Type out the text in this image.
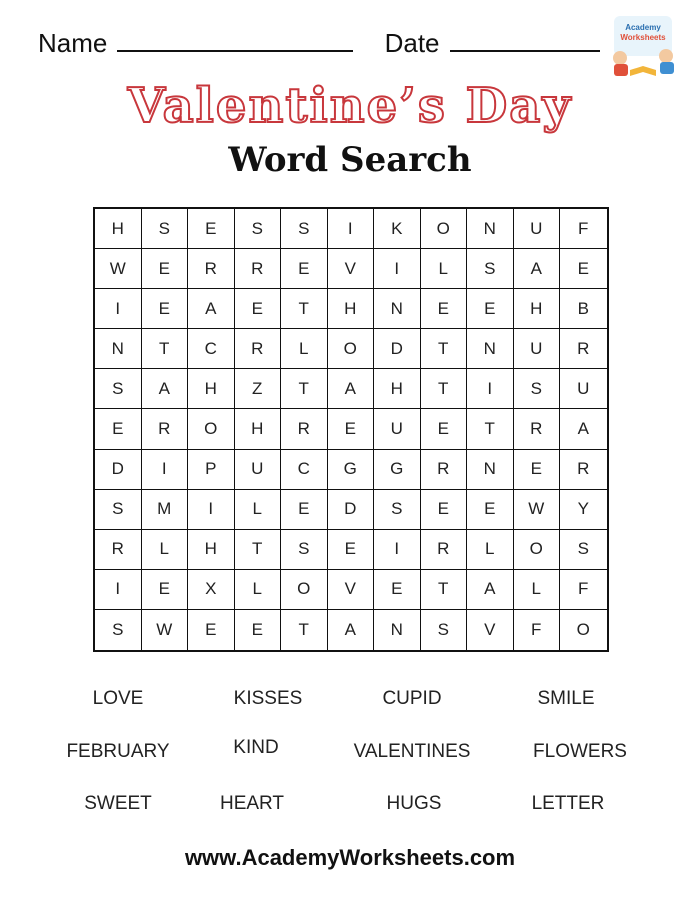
Name	Date
Academy
Worksheets
Valentine’s Day
Word Search
H	S	E	S	S	I	K	O	N	U	F
W	E	R	R	E	V	I	L	S	A	E
I	E	A	E	T	H	N	E	E	H	B
N	T	C	R	L	O	D	T	N	U	R
S	A	H	Z	T	A	H	T	I	S	U
E	R	O	H	R	E	U	E	T	R	A
D	I	P	U	C	G	G	R	N	E	R
S	M	I	L	E	D	S	E	E	W	Y
R	L	H	T	S	E	I	R	L	O	S
I	E	X	L	O	V	E	T	A	L	F
S	W	E	E	T	A	N	S	V	F	O
LOVE	KISSES	CUPID	SMILE
FEBRUARY	KIND	VALENTINES	FLOWERS
SWEET	HEART	HUGS	LETTER
www.AcademyWorksheets.com
